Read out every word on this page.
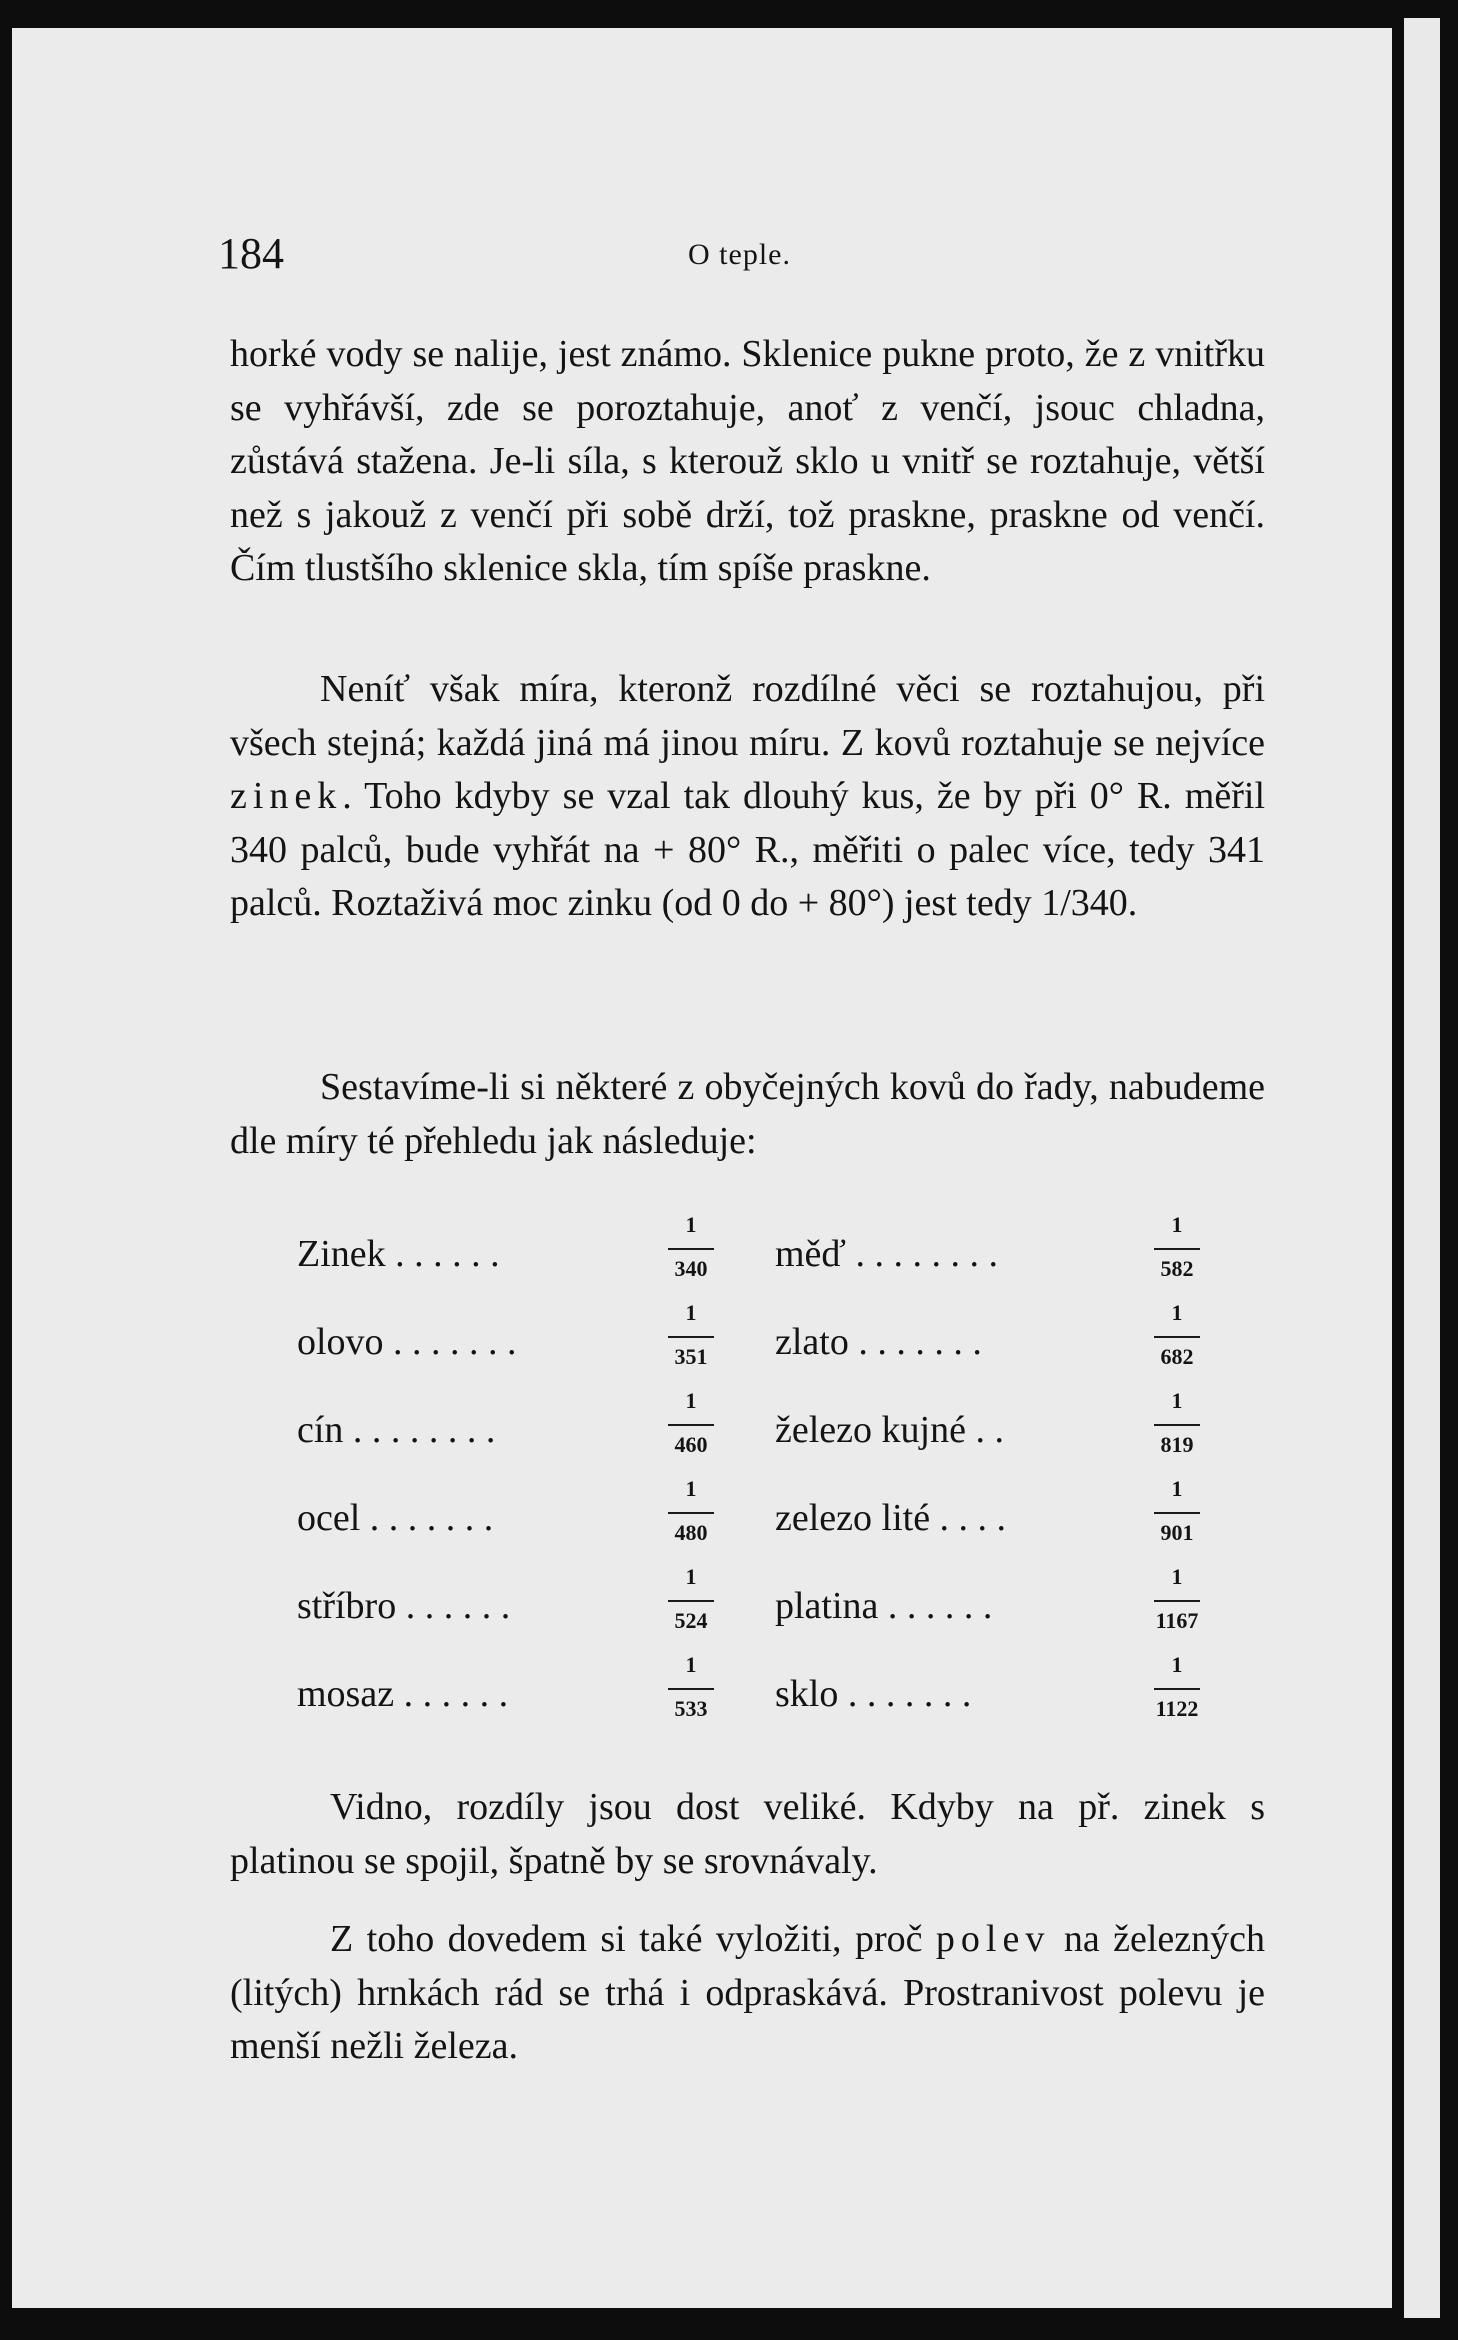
184	O teple.

horké vody se nalije, jest známo. Sklenice pukne proto, že z vnitřku se vyhřávší, zde se poroztahuje, anoť z venčí, jsouc chladna, zůstává stažena. Je-li síla, s kterouž sklo u vnitř se roztahuje, větší než s jakouž z venčí při sobě drží, tož praskne, praskne od venčí. Čím tlustšího sklenice skla, tím spíše praskne.

Neníť však míra, kteronž rozdílné věci se roztahujou, při všech stejná; každá jiná má jinou míru. Z kovů roztahuje se nejvíce zinek. Toho kdyby se vzal tak dlouhý kus, že by při 0° R. měřil 340 palců, bude vyhřát na + 80° R., měřiti o palec více, tedy 341 palců. Roztaživá moc zinku (od 0 do + 80°) jest tedy 1/340.

Sestavíme-li si některé z obyčejných kovů do řady, nabudeme dle míry té přehledu jak následuje:

Zinek . . . . . .
1
340 měď . . . . . . . .
1
582
olovo . . . . . . .
1
351 zlato . . . . . . .
1
682
cín . . . . . . . .
1
460 železo kujné . .
1
819
ocel . . . . . . .
1
480 zelezo lité . . . .
1
901
stříbro . . . . . .
1
524 platina . . . . . .
1
1167
mosaz . . . . . .
1
533 sklo . . . . . . .
1
1122

Vidno, rozdíly jsou dost veliké. Kdyby na př. zinek s platinou se spojil, špatně by se srovnávaly.

Z toho dovedem si také vyložiti, proč polev na železných (litých) hrnkách rád se trhá i odpraskává. Prostranivost polevu je menší nežli železa.
